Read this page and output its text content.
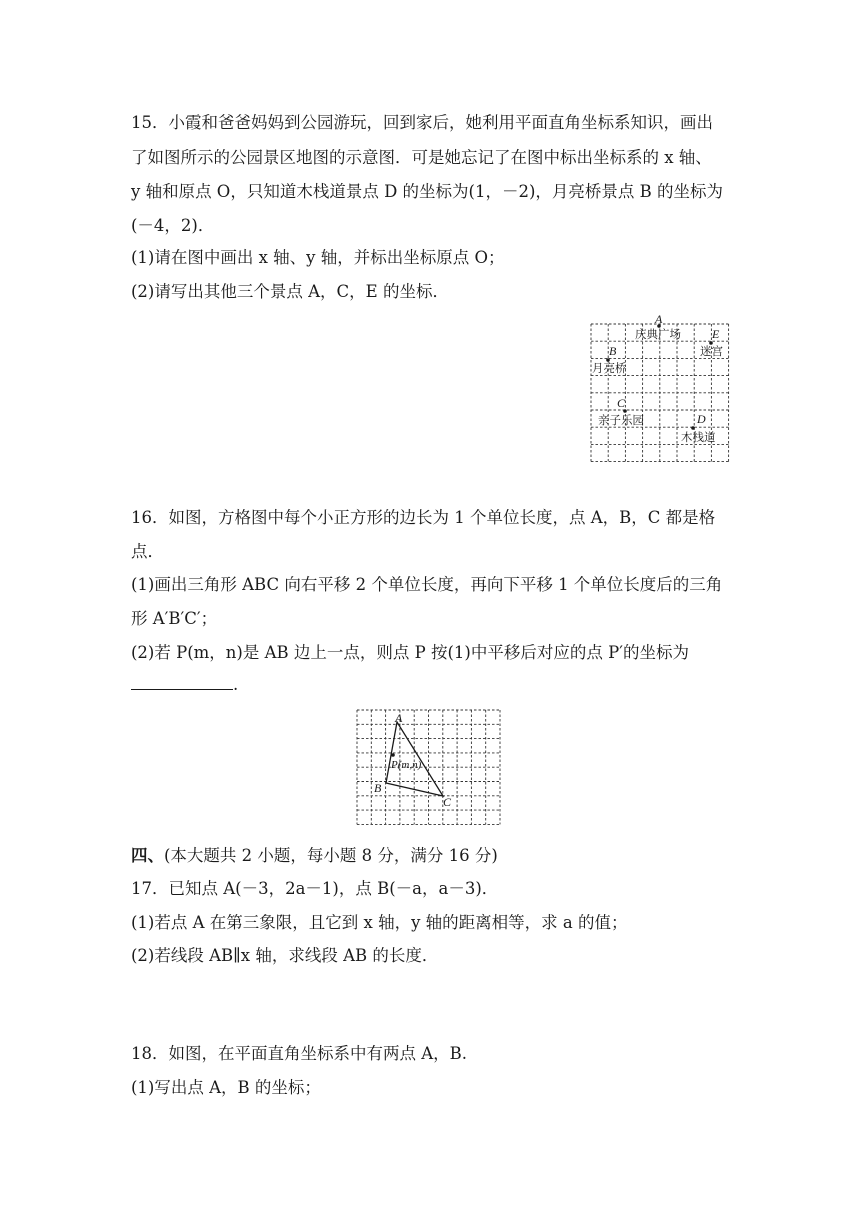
15．小霞和爸爸妈妈到公园游玩，回到家后，她利用平面直角坐标系知识，画出
了如图所示的公园景区地图的示意图．可是她忘记了在图中标出坐标系的 x 轴、
y 轴和原点 O，只知道木栈道景点 D 的坐标为(1，－2)，月亮桥景点 B 的坐标为
(－4，2)．
(1)请在图中画出 x 轴、y 轴，并标出坐标原点 O；
(2)请写出其他三个景点 A，C，E 的坐标．
A
庆典广场	E
迷宫
B
月亮桥
C
亲子乐园	D
木栈道
16．如图，方格图中每个小正方形的边长为 1 个单位长度，点 A，B，C 都是格
点．
(1)画出三角形 ABC 向右平移 2 个单位长度，再向下平移 1 个单位长度后的三角
形 A′B′C′；
(2)若 P(m，n)是 AB 边上一点，则点 P 按(1)中平移后对应的点 P′的坐标为
.
A
B
C
P(m,n)
四、(本大题共 2 小题，每小题 8 分，满分 16 分)
17．已知点 A(－3，2a－1)，点 B(－a，a－3)．
(1)若点 A 在第三象限，且它到 x 轴，y 轴的距离相等，求 a 的值；
(2)若线段 AB∥x 轴，求线段 AB 的长度．
18．如图，在平面直角坐标系中有两点 A，B.
(1)写出点 A，B 的坐标；
